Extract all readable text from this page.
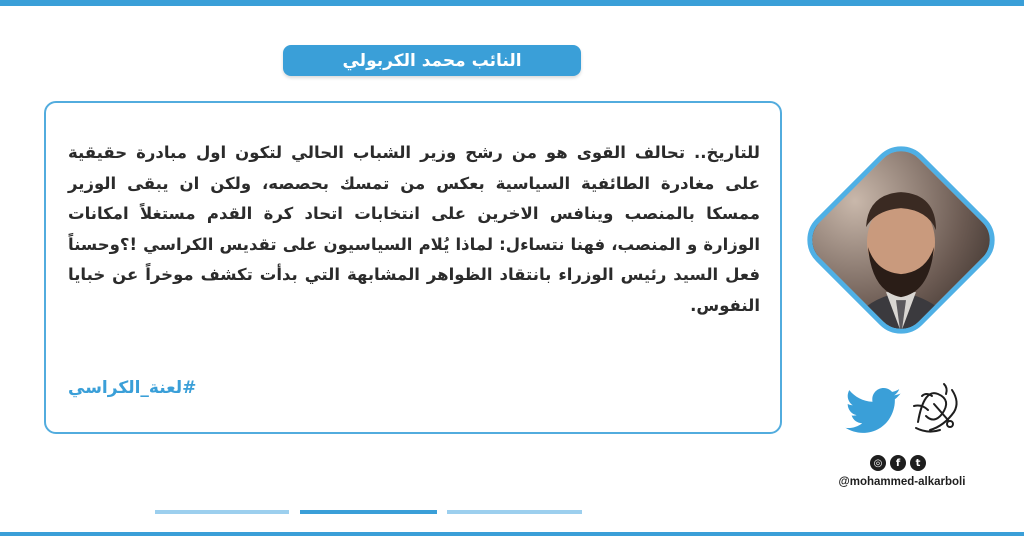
النائب محمد الكربولي
للتاريخ.. تحالف القوى هو من رشح وزير الشباب الحالي لتكون اول مبادرة حقيقية على مغادرة الطائفية السياسية بعكس من تمسك بحصصه، ولكن ان يبقى الوزير ممسكا بالمنصب وينافس الاخرين على انتخابات اتحاد كرة القدم مستغلاً امكانات الوزارة و المنصب، فهنا نتساءل: لماذا يُلام السياسيون على تقديس الكراسي !؟وحسناً فعل السيد رئيس الوزراء بانتقاد الظواهر المشابهة التي بدأت تكشف موخراً عن خبايا النفوس.
#لعنة_الكراسي
◎	f	t
@mohammed-alkarboli
